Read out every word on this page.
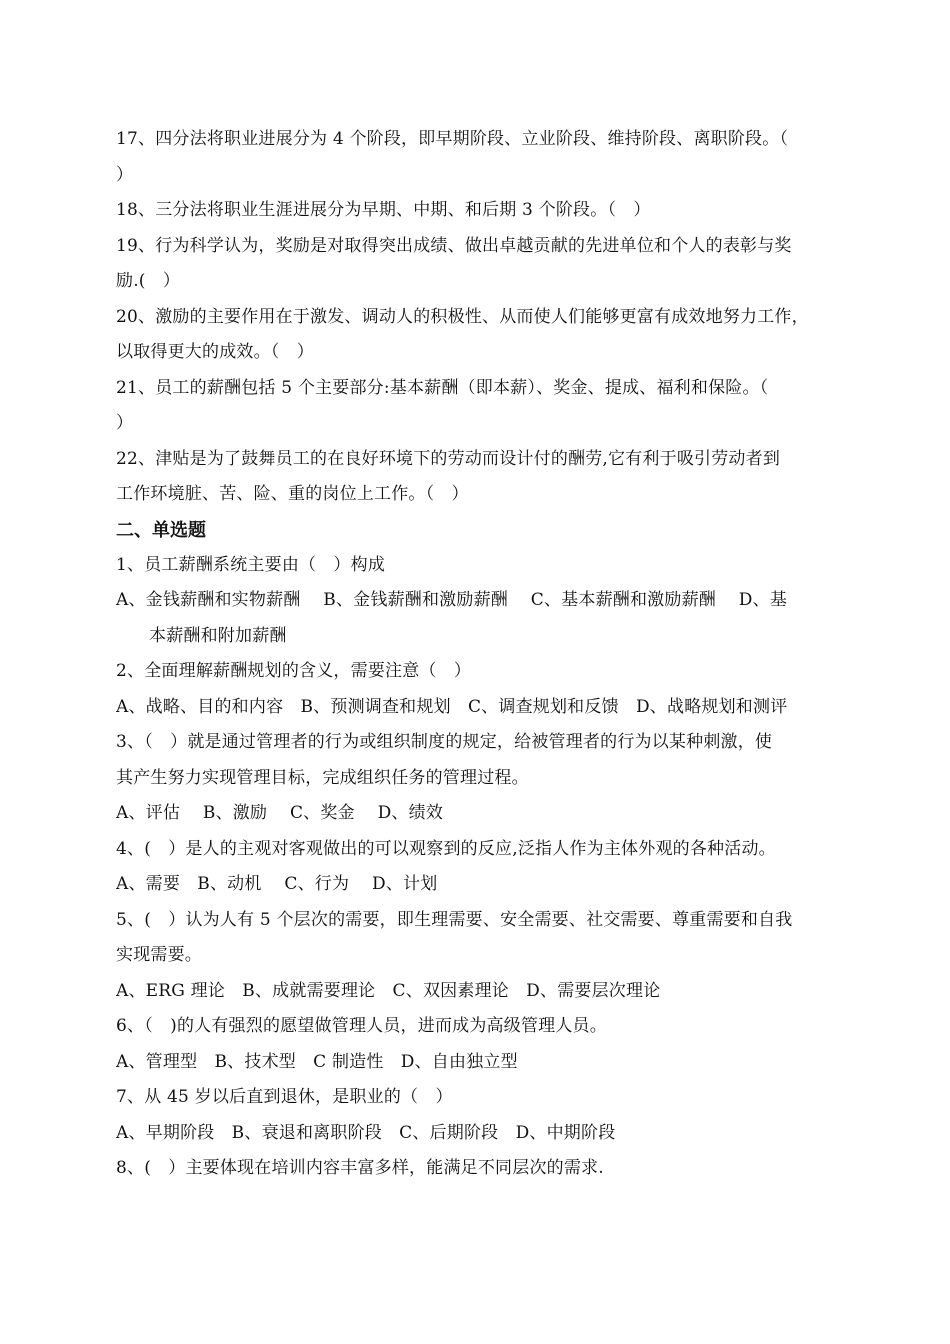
17、四分法将职业进展分为 4 个阶段，即早期阶段、立业阶段、维持阶段、离职阶段。（
）
18、三分法将职业生涯进展分为早期、中期、和后期 3 个阶段。（　）
19、行为科学认为，奖励是对取得突出成绩、做出卓越贡献的先进单位和个人的表彰与奖
励.(　）
20、激励的主要作用在于激发、调动人的积极性、从而使人们能够更富有成效地努力工作，
以取得更大的成效。（　）
21、员工的薪酬包括 5 个主要部分:基本薪酬（即本薪）、奖金、提成、福利和保险。（
）
22、津贴是为了鼓舞员工的在良好环境下的劳动而设计付的酬劳,它有利于吸引劳动者到
工作环境脏、苦、险、重的岗位上工作。（　）
二、单选题
1、员工薪酬系统主要由（　）构成
A、金钱薪酬和实物薪酬　 B、金钱薪酬和激励薪酬　 C、基本薪酬和激励薪酬　 D、基
本薪酬和附加薪酬
2、全面理解薪酬规划的含义，需要注意（　）
A、战略、目的和内容　B、预测调查和规划　C、调查规划和反馈　D、战略规划和测评
3、（　）就是通过管理者的行为或组织制度的规定，给被管理者的行为以某种刺激，使
其产生努力实现管理目标，完成组织任务的管理过程。
A、评估　 B、激励　 C、奖金　 D、绩效
4、(　）是人的主观对客观做出的可以观察到的反应,泛指人作为主体外观的各种活动。
A、需要　B、动机　 C、行为　 D、计划
5、(　）认为人有 5 个层次的需要，即生理需要、安全需要、社交需要、尊重需要和自我
实现需要。
A、ERG 理论　B、成就需要理论　C、双因素理论　D、需要层次理论
6、（　)的人有强烈的愿望做管理人员，进而成为高级管理人员。
A、管理型　B、技术型　C 制造性　D、自由独立型
7、从 45 岁以后直到退休，是职业的（　）
A、早期阶段　B、衰退和离职阶段　C、后期阶段　D、中期阶段
8、(　）主要体现在培训内容丰富多样，能满足不同层次的需求.
